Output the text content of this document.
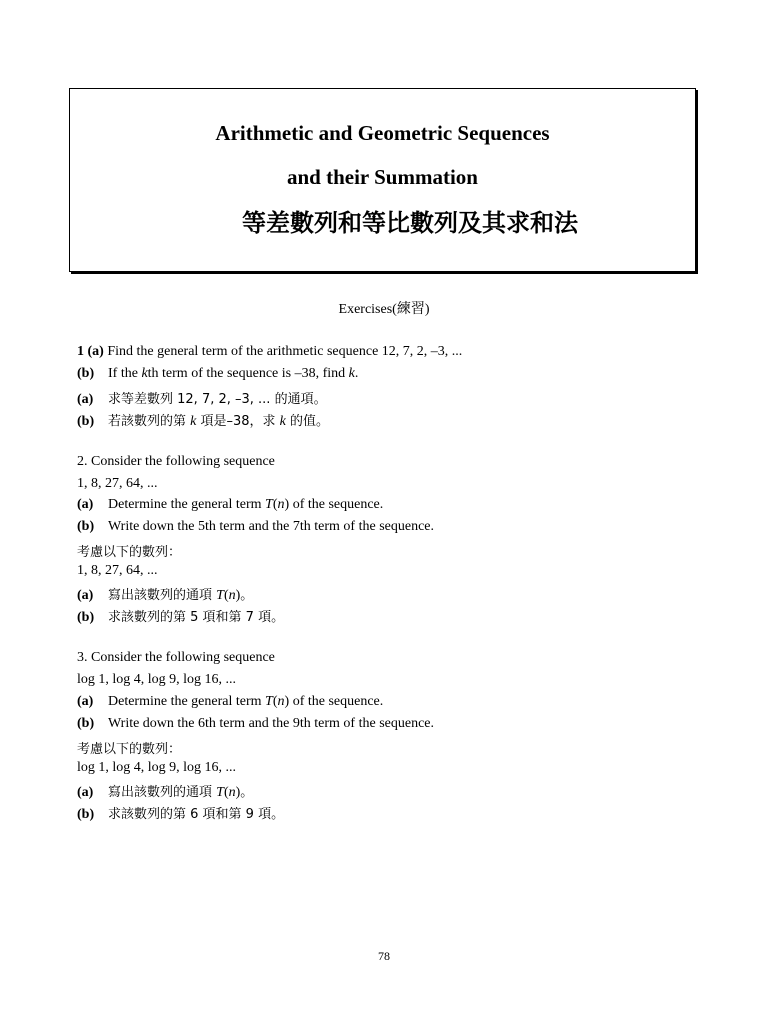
Arithmetic and Geometric Sequences
and their Summation
等差數列和等比數列及其求和法
Exercises(練習)
1 (a) Find the general term of the arithmetic sequence 12, 7, 2, –3, ...
(b) If the kth term of the sequence is –38, find k.
(a) 求等差數列 12, 7, 2, –3, ... 的通項。
(b) 若該數列的第 k 項是–38，求 k 的值。
2. Consider the following sequence
1, 8, 27, 64, ...
(a) Determine the general term T(n) of the sequence.
(b) Write down the 5th term and the 7th term of the sequence.
考慮以下的數列：
1, 8, 27, 64, ...
(a) 寫出該數列的通項 T(n)。
(b) 求該數列的第 5 項和第 7 項。
3. Consider the following sequence
log 1, log 4, log 9, log 16, ...
(a) Determine the general term T(n) of the sequence.
(b) Write down the 6th term and the 9th term of the sequence.
考慮以下的數列：
log 1, log 4, log 9, log 16, ...
(a) 寫出該數列的通項 T(n)。
(b) 求該數列的第 6 項和第 9 項。
78
